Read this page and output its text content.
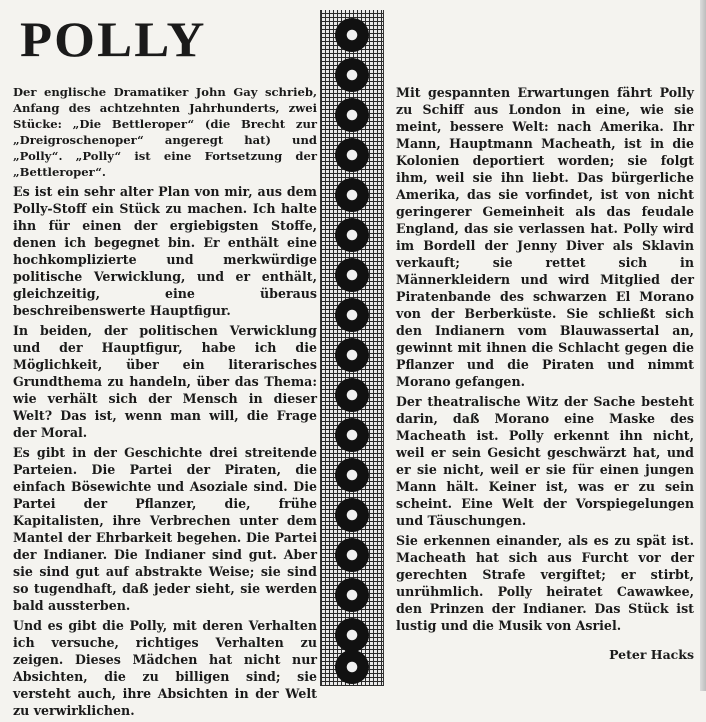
POLLY

Der englische Dramatiker John Gay schrieb, Anfang des achtzehnten Jahrhunderts, zwei Stücke: „Die Bettleroper“ (die Brecht zur „Dreigroschenoper“ angeregt hat) und „Polly“. „Polly“ ist eine Fortsetzung der „Bettleroper“.

Es ist ein sehr alter Plan von mir, aus dem Polly-Stoff ein Stück zu machen. Ich halte ihn für einen der ergiebigsten Stoffe, denen ich begegnet bin. Er enthält eine hochkomplizierte und merkwürdige politische Verwicklung, und er enthält, gleichzeitig, eine überaus beschreibenswerte Hauptfigur.

In beiden, der politischen Verwicklung und der Hauptfigur, habe ich die Möglichkeit, über ein literarisches Grundthema zu handeln, über das Thema: wie verhält sich der Mensch in dieser Welt? Das ist, wenn man will, die Frage der Moral.

Es gibt in der Geschichte drei streitende Parteien. Die Partei der Piraten, die einfach Bösewichte und Asoziale sind. Die Partei der Pflanzer, die, frühe Kapitalisten, ihre Verbrechen unter dem Mantel der Ehrbarkeit begehen. Die Partei der Indianer. Die Indianer sind gut. Aber sie sind gut auf abstrakte Weise; sie sind so tugendhaft, daß jeder sieht, sie werden bald aussterben.

Und es gibt die Polly, mit deren Verhalten ich versuche, richtiges Verhalten zu zeigen. Dieses Mädchen hat nicht nur Absichten, die zu billigen sind; sie versteht auch, ihre Absichten in der Welt zu verwirklichen.

Mit gespannten Erwartungen fährt Polly zu Schiff aus London in eine, wie sie meint, bessere Welt: nach Amerika. Ihr Mann, Hauptmann Macheath, ist in die Kolonien deportiert worden; sie folgt ihm, weil sie ihn liebt. Das bürgerliche Amerika, das sie vorfindet, ist von nicht geringerer Gemeinheit als das feudale England, das sie verlassen hat. Polly wird im Bordell der Jenny Diver als Sklavin verkauft; sie rettet sich in Männerkleidern und wird Mitglied der Piratenbande des schwarzen El Morano von der Berberküste. Sie schließt sich den Indianern vom Blauwassertal an, gewinnt mit ihnen die Schlacht gegen die Pflanzer und die Piraten und nimmt Morano gefangen.

Der theatralische Witz der Sache besteht darin, daß Morano eine Maske des Macheath ist. Polly erkennt ihn nicht, weil er sein Gesicht geschwärzt hat, und er sie nicht, weil er sie für einen jungen Mann hält. Keiner ist, was er zu sein scheint. Eine Welt der Vorspiegelungen und Täuschungen.

Sie erkennen einander, als es zu spät ist. Macheath hat sich aus Furcht vor der gerechten Strafe vergiftet; er stirbt, unrühmlich. Polly heiratet Cawawkee, den Prinzen der Indianer. Das Stück ist lustig und die Musik von Asriel.

Peter Hacks
